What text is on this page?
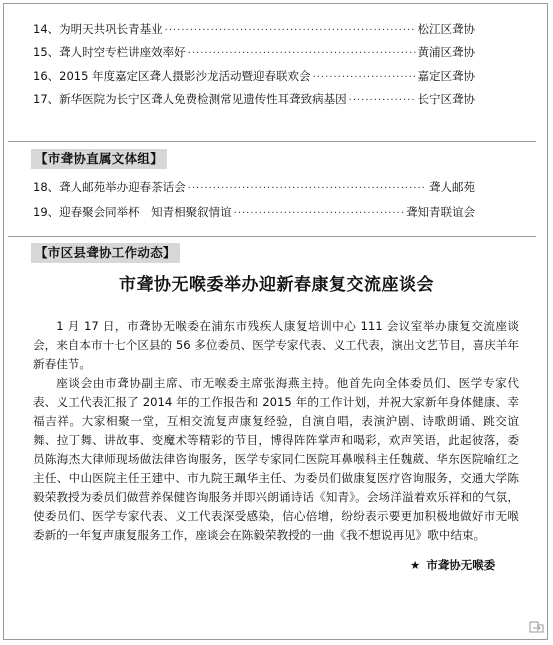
14、 为明天共巩长青基业 ·····	松江区聋协
15、 聋人时空专栏讲座效率好 ·····	黄浦区聋协
16、 2015 年度嘉定区聋人摄影沙龙活动暨迎春联欢会 ·····	嘉定区聋协
17、 新华医院为长宁区聋人免费检测常见遗传性耳聋致病基因 ·····	长宁区聋协
【市聋协直属文体组】
18、 聋人邮苑举办迎春茶话会 ·····	聋人邮苑
19、 迎春聚会同举杯　知青相聚叙情谊 ·····	聋知青联谊会
【市区县聋协工作动态】
市聋协无喉委举办迎新春康复交流座谈会

1 月 17 日，市聋协无喉委在浦东市残疾人康复培训中心 111 会议室举办康复交流座谈会，来自本市十七个区县的 56 多位委员、医学专家代表、义工代表，演出文艺节目，喜庆羊年新春佳节。

座谈会由市聋协副主席、市无喉委主席张海燕主持。他首先向全体委员们、医学专家代表、义工代表汇报了 2014 年的工作报告和 2015 年的工作计划，并祝大家新年身体健康、幸福吉祥。大家相聚一堂，互相交流复声康复经验，自演自唱，表演沪剧、诗歌朗诵、跳交谊舞、拉丁舞、讲故事、变魔术等精彩的节目，博得阵阵掌声和喝彩，欢声笑语，此起彼落，委员陈海杰大律师现场做法律咨询服务，医学专家同仁医院耳鼻喉科主任魏葳、华东医院喻红之主任、中山医院主任王建中、市九院王珮华主任、为委员们做康复医疗咨询服务，交通大学陈毅荣教授为委员们做营养保健咨询服务并即兴朗诵诗话《知青》。会场洋溢着欢乐祥和的气氛，使委员们、医学专家代表、义工代表深受感染，信心倍增，纷纷表示要更加积极地做好市无喉委新的一年复声康复服务工作，座谈会在陈毅荣教授的一曲《我不想说再见》歌中结束。

★ 市聋协无喉委
